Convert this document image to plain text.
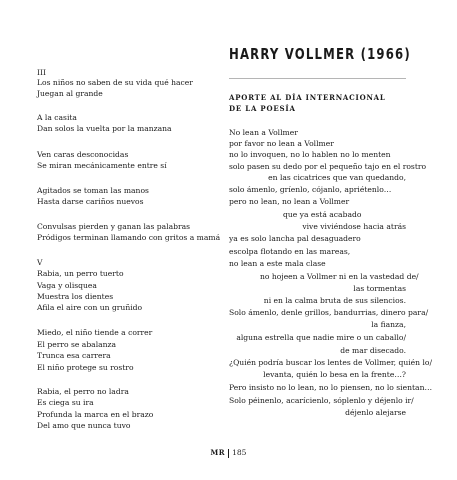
III
Los niños no saben de su vida qué hacer
Juegan al grande
A la casita
Dan solos la vuelta por la manzana
Ven caras desconocidas
Se miran mecánicamente entre sí
Agitados se toman las manos
Hasta darse cariños nuevos
Convulsas pierden y ganan las palabras
Pródigos terminan llamando con gritos a mamá
V
Rabia, un perro tuerto
Vaga y olisquea
Muestra los dientes
Afila el aire con un gruñido
Miedo, el niño tiende a correr
El perro se abalanza
Trunca esa carrera
El niño protege su rostro
Rabia, el perro no ladra
Es ciega su ira
Profunda la marca en el brazo
Del amo que nunca tuvo
HARRY VOLLMER (1966)
APORTE AL DÍA INTERNACIONAL
DE LA POESÍA
No lean a Vollmer
por favor no lean a Vollmer
no lo invoquen, no lo hablen no lo menten
solo pasen su dedo por el pequeño tajo en el rostro
en las cicatrices que van quedando,
solo ámenlo, gríenlo, cójanlo, apriétenlo…
pero no lean, no lean a Vollmer
que ya está acabado
vive viviéndose hacia atrás
ya es solo lancha pal desaguadero
escolpa flotando en las mareas,
no lean a este mala clase
no hojeen a Vollmer ni en la vastedad de/
las tormentas
ni en la calma bruta de sus silencios.
Solo ámenlo, denle grillos, bandurrias, dinero para/
la fianza,
alguna estrella que nadie mire o un caballo/
de mar disecado.
¿Quién podría buscar los lentes de Vollmer, quién lo/
levanta, quién lo besa en la frente…?
Pero insisto no lo lean, no lo piensen, no lo sientan…
Solo péinenlo, acarícienlo, sóplenlo y déjenlo ir/
déjenlo alejarse
MR 185
